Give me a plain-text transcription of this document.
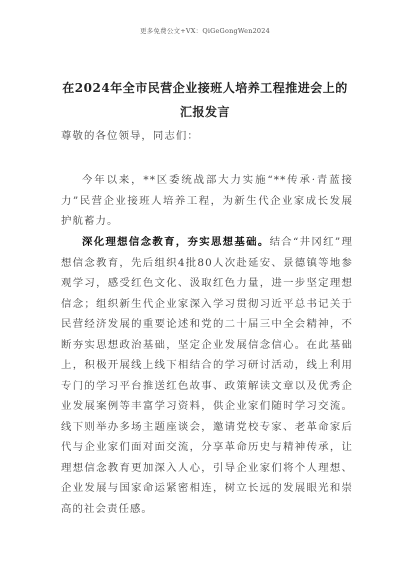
更多免费公文+VX：QiGeGongWen2024
在2024年全市民营企业接班人培养工程推进会上的汇报发言
尊敬的各位领导，同志们：
今年以来，**区委统战部大力实施“**传承·青蓝接力”民营企业接班人培养工程，为新生代企业家成长发展护航蓄力。
深化理想信念教育，夯实思想基础。结合“井冈红”理想信念教育，先后组织4批80人次赴延安、景德镇等地参观学习，感受红色文化、汲取红色力量，进一步坚定理想信念；组织新生代企业家深入学习贯彻习近平总书记关于民营经济发展的重要论述和党的二十届三中全会精神，不断夯实思想政治基础，坚定企业发展信念信心。在此基础上，积极开展线上线下相结合的学习研讨活动，线上利用专门的学习平台推送红色故事、政策解读文章以及优秀企业发展案例等丰富学习资料，供企业家们随时学习交流。线下则举办多场主题座谈会，邀请党校专家、老革命家后代与企业家们面对面交流，分享革命历史与精神传承，让理想信念教育更加深入人心，引导企业家们将个人理想、企业发展与国家命运紧密相连，树立长远的发展眼光和崇高的社会责任感。
